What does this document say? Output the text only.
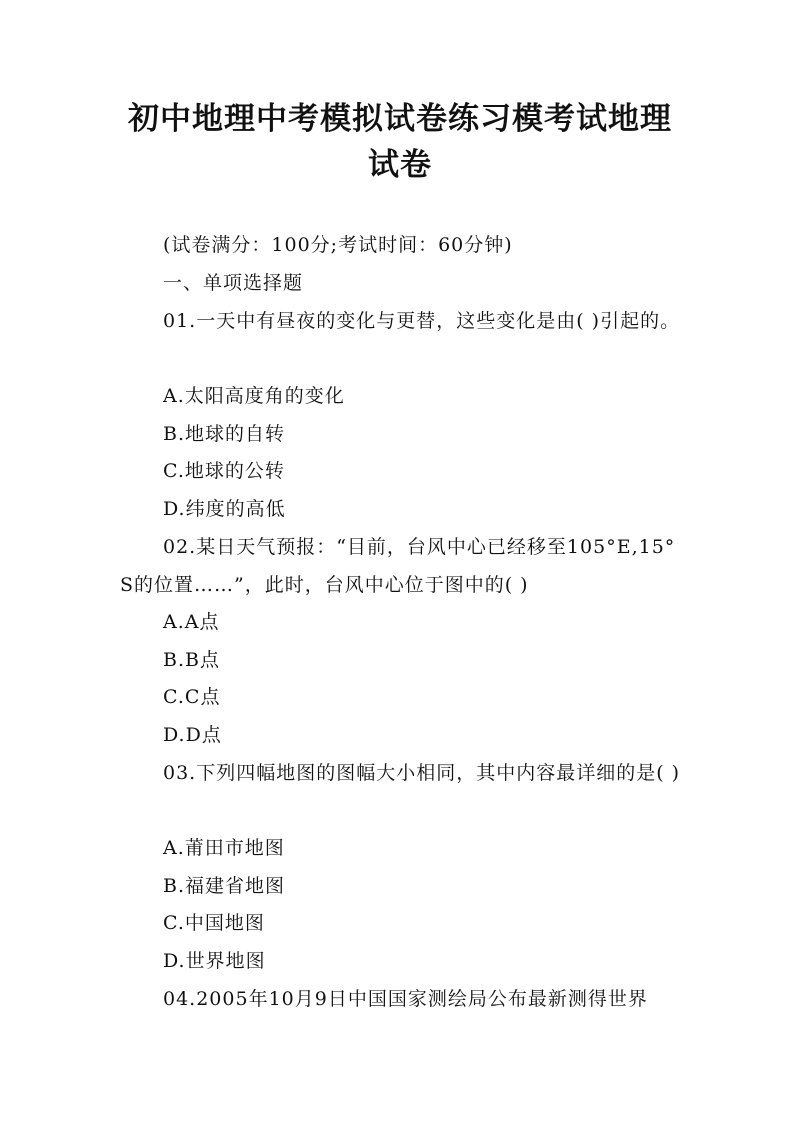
初中地理中考模拟试卷练习模考试地理试卷
(试卷满分：100分;考试时间：60分钟)
一、单项选择题
01.一天中有昼夜的变化与更替，这些变化是由( )引起的。
A.太阳高度角的变化
B.地球的自转
C.地球的公转
D.纬度的高低
02.某日天气预报：“目前，台风中心已经移至105°E,15° S的位置……”，此时，台风中心位于图中的( )
A.A点
B.B点
C.C点
D.D点
03.下列四幅地图的图幅大小相同，其中内容最详细的是( )
A.莆田市地图
B.福建省地图
C.中国地图
D.世界地图
04.2005年10月9日中国国家测绘局公布最新测得世界
